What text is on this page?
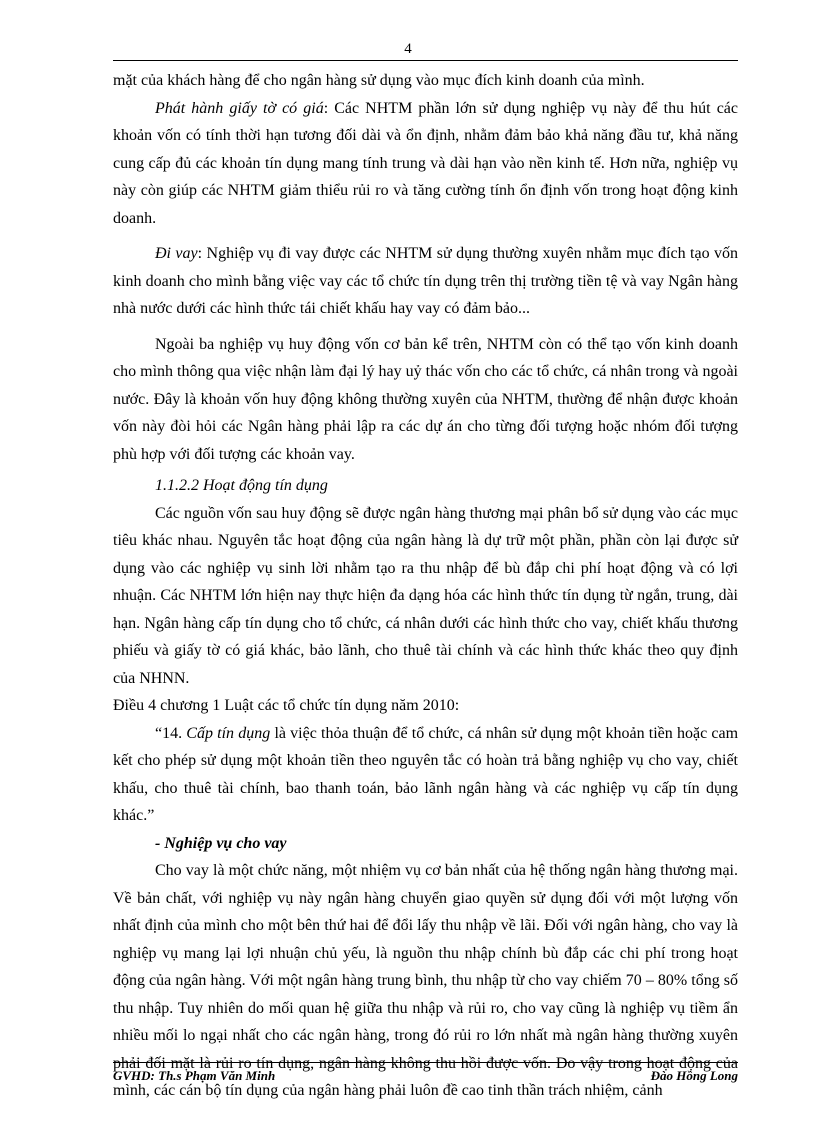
4

mặt của khách hàng để cho ngân hàng sử dụng vào mục đích kinh doanh của mình.

Phát hành giấy tờ có giá: Các NHTM phần lớn sử dụng nghiệp vụ này để thu hút các khoản vốn có tính thời hạn tương đối dài và ổn định, nhằm đảm bảo khả năng đầu tư, khả năng cung cấp đủ các khoản tín dụng mang tính trung và dài hạn vào nền kinh tế. Hơn nữa, nghiệp vụ này còn giúp các NHTM giảm thiểu rủi ro và tăng cường tính ổn định vốn trong hoạt động kinh doanh.

Đi vay: Nghiệp vụ đi vay được các NHTM sử dụng thường xuyên nhằm mục đích tạo vốn kinh doanh cho mình bằng việc vay các tổ chức tín dụng trên thị trường tiền tệ và vay Ngân hàng nhà nước dưới các hình thức tái chiết khấu hay vay có đảm bảo...

Ngoài ba nghiệp vụ huy động vốn cơ bản kể trên, NHTM còn có thể tạo vốn kinh doanh cho mình thông qua việc nhận làm đại lý hay uỷ thác vốn cho các tổ chức, cá nhân trong và ngoài nước. Đây là khoản vốn huy động không thường xuyên của NHTM, thường để nhận được khoản vốn này đòi hỏi các Ngân hàng phải lập ra các dự án cho từng đối tượng hoặc nhóm đối tượng phù hợp với đối tượng các khoản vay.

1.1.2.2 Hoạt động tín dụng

Các nguồn vốn sau huy động sẽ được ngân hàng thương mại phân bổ sử dụng vào các mục tiêu khác nhau. Nguyên tắc hoạt động của ngân hàng là dự trữ một phần, phần còn lại được sử dụng vào các nghiệp vụ sinh lời nhằm tạo ra thu nhập để bù đắp chi phí hoạt động và có lợi nhuận. Các NHTM lớn hiện nay thực hiện đa dạng hóa các hình thức tín dụng từ ngắn, trung, dài hạn. Ngân hàng cấp tín dụng cho tổ chức, cá nhân dưới các hình thức cho vay, chiết khấu thương phiếu và giấy tờ có giá khác, bảo lãnh, cho thuê tài chính và các hình thức khác theo quy định của NHNN.

Điều 4 chương 1 Luật các tổ chức tín dụng năm 2010:

“14. Cấp tín dụng là việc thỏa thuận để tổ chức, cá nhân sử dụng một khoản tiền hoặc cam kết cho phép sử dụng một khoản tiền theo nguyên tắc có hoàn trả bằng nghiệp vụ cho vay, chiết khấu, cho thuê tài chính, bao thanh toán, bảo lãnh ngân hàng và các nghiệp vụ cấp tín dụng khác.”

- Nghiệp vụ cho vay

Cho vay là một chức năng, một nhiệm vụ cơ bản nhất của hệ thống ngân hàng thương mại. Về bản chất, với nghiệp vụ này ngân hàng chuyển giao quyền sử dụng đối với một lượng vốn nhất định của mình cho một bên thứ hai để đổi lấy thu nhập về lãi. Đối với ngân hàng, cho vay là nghiệp vụ mang lại lợi nhuận chủ yếu, là nguồn thu nhập chính bù đắp các chi phí trong hoạt động của ngân hàng. Với một ngân hàng trung bình, thu nhập từ cho vay chiếm 70 – 80% tổng số thu nhập. Tuy nhiên do mối quan hệ giữa thu nhập và rủi ro, cho vay cũng là nghiệp vụ tiềm ẩn nhiều mối lo ngại nhất cho các ngân hàng, trong đó rủi ro lớn nhất mà ngân hàng thường xuyên phải đối mặt là rủi ro tín dụng, ngân hàng không thu hồi được vốn. Do vậy trong hoạt động của mình, các cán bộ tín dụng của ngân hàng phải luôn đề cao tinh thần trách nhiệm, cảnh

GVHD: Th.s Phạm Văn Minh	Đào Hồng Long
